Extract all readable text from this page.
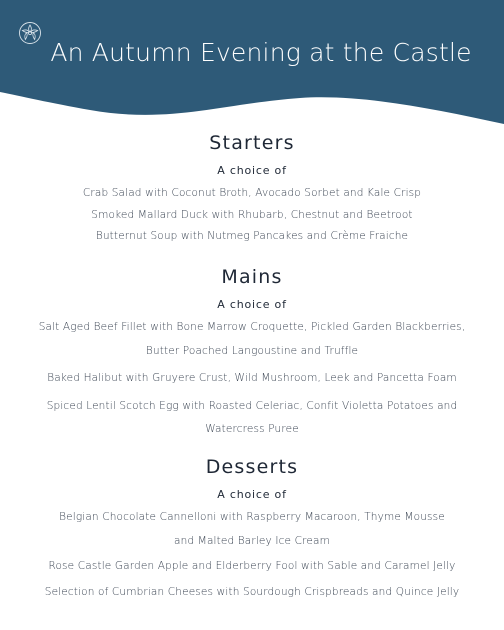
An Autumn Evening at the Castle
Starters
A choice of
Crab Salad with Coconut Broth, Avocado Sorbet and Kale Crisp
Smoked Mallard Duck with Rhubarb, Chestnut and Beetroot
Butternut Soup with Nutmeg Pancakes and Crème Fraiche
Mains
A choice of
Salt Aged Beef Fillet with Bone Marrow Croquette, Pickled Garden Blackberries, Butter Poached Langoustine and Truffle
Baked Halibut with Gruyere Crust, Wild Mushroom, Leek and Pancetta Foam
Spiced Lentil Scotch Egg with Roasted Celeriac, Confit Violetta Potatoes and Watercress Puree
Desserts
A choice of
Belgian Chocolate Cannelloni with Raspberry Macaroon, Thyme Mousse and Malted Barley Ice Cream
Rose Castle Garden Apple and Elderberry Fool with Sable and Caramel Jelly
Selection of Cumbrian Cheeses with Sourdough Crispbreads and Quince Jelly
